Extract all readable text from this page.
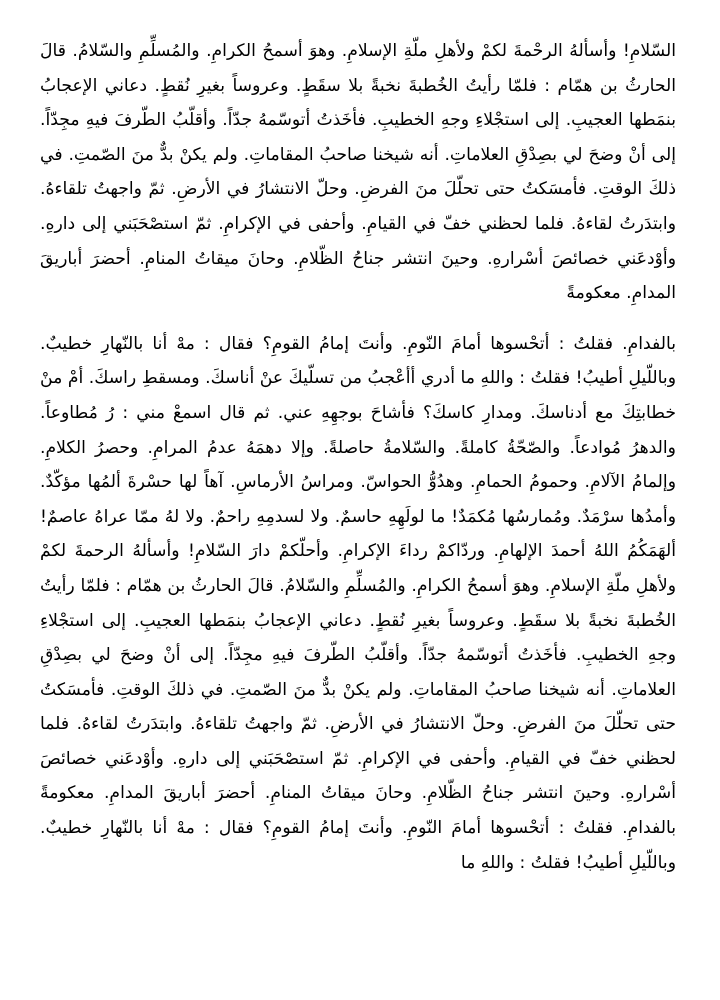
السّلامِ! وأسألهُ الرحْمةَ لكمْ ولأهلِ ملّةِ الإسلامِ. وهوَ أسمحُ الكرامِ. والمُسلِّمِ والسّلامُ. قالَ الحارثُ بن همّام : فلمّا رأيتُ الخُطبةَ نخبةً بلا سقَطٍ. وعروساً بغيرِ نُقطٍ. دعاني الإعجابُ بنمَطها العجيبِ. إلى استجْلاءِ وجهِ الخطيبِ. فأخَذتُ أتوسّمهُ جدّاً. وأقلّبُ الطّرفَ فيهِ مجِدّاً. إلى أنْ وضحَ لي بصِدْقِ العلاماتِ. أنه شيخنا صاحبُ المقاماتِ. ولم يكنْ بدٌّ منَ الصّمتِ. في ذلكَ الوقتِ. فأمسَكتُ حتى تحلّلَ منَ الفرضِ. وحلّ الانتشارُ في الأرضِ. ثمّ واجهتُ تلقاءهُ. وابتدَرتُ لقاءهُ. فلما لحظني خفّ في القيامِ. وأحفى في الإكرامِ. ثمّ استصْحَبَني إلى دارهِ. وأوْدعَني خصائصَ أسْرارهِ. وحينَ انتشر جناحُ الظّلامِ. وحانَ ميقاتُ المنامِ. أحضرَ أباريقَ المدامِ. معكومةً

بالفدامِ. فقلتُ : أتحْسوها أمامَ النّومِ. وأنتَ إمامُ القومِ؟ فقال : مهْ أنا بالنّهارِ خطيبٌ. وباللّيلِ أطيبُ! فقلتُ : واللهِ ما أدري أأعْجبُ من تسلّيكَ عنْ أناسكَ. ومسقطِ راسكَ. أمْ منْ خطابتِكَ مع أدناسكَ. ومدارِ كاسكَ؟ فأشاحَ بوجهِهِ عني. ثم قال اسمعْ مني : رُ مُطاوعاً. والدهرُ مُوادعاً. والصّحّةُ كاملةً. والسّلامةُ حاصلةً. وإلا دهمَهُ عدمُ المرامِ. وحصرُ الكلامِ. وإلمامُ الآلامِ. وحمومُ الحمامِ. وهدُوُّ الحواسّ. ومراسُ الأرماسِ. آهاً لها حسْرةَ ألمُها مؤكّدٌ. وأمدُها سرْمَدٌ. ومُمارسُها مُكمَدٌ! ما لولَهِهِ حاسمٌ. ولا لسدمِهِ راحمٌ. ولا لهُ ممّا عراهُ عاصمٌ! ألهَمَكُمُ اللهُ أحمدَ الإلهامِ. وردّاكمْ رداءَ الإكرامِ. وأحلّكمْ دارَ السّلامِ! وأسألهُ الرحمةَ لكمْ ولأهلِ ملّةِ الإسلامِ. وهوَ أسمحُ الكرامِ. والمُسلِّمِ والسّلامُ. قالَ الحارثُ بن همّام : فلمّا رأيتُ الخُطبةَ نخبةً بلا سقَطٍ. وعروساً بغيرِ نُقطٍ. دعاني الإعجابُ بنمَطها العجيبِ. إلى استجْلاءِ وجهِ الخطيبِ. فأخَذتُ أتوسّمهُ جدّاً. وأقلّبُ الطّرفَ فيهِ مجِدّاً. إلى أنْ وضحَ لي بصِدْقِ العلاماتِ. أنه شيخنا صاحبُ المقاماتِ. ولم يكنْ بدٌّ منَ الصّمتِ. في ذلكَ الوقتِ. فأمسَكتُ حتى تحلّلَ منَ الفرضِ. وحلّ الانتشارُ في الأرضِ. ثمّ واجهتُ تلقاءهُ. وابتدَرتُ لقاءهُ. فلما لحظني خفّ في القيامِ. وأحفى في الإكرامِ. ثمّ استصْحَبَني إلى دارهِ. وأوْدعَني خصائصَ أسْرارهِ. وحينَ انتشر جناحُ الظّلامِ. وحانَ ميقاتُ المنامِ. أحضرَ أباريقَ المدامِ. معكومةً بالفدامِ. فقلتُ : أتحْسوها أمامَ النّومِ. وأنتَ إمامُ القومِ؟ فقال : مهْ أنا بالنّهارِ خطيبٌ. وباللّيلِ أطيبُ! فقلتُ : واللهِ ما
